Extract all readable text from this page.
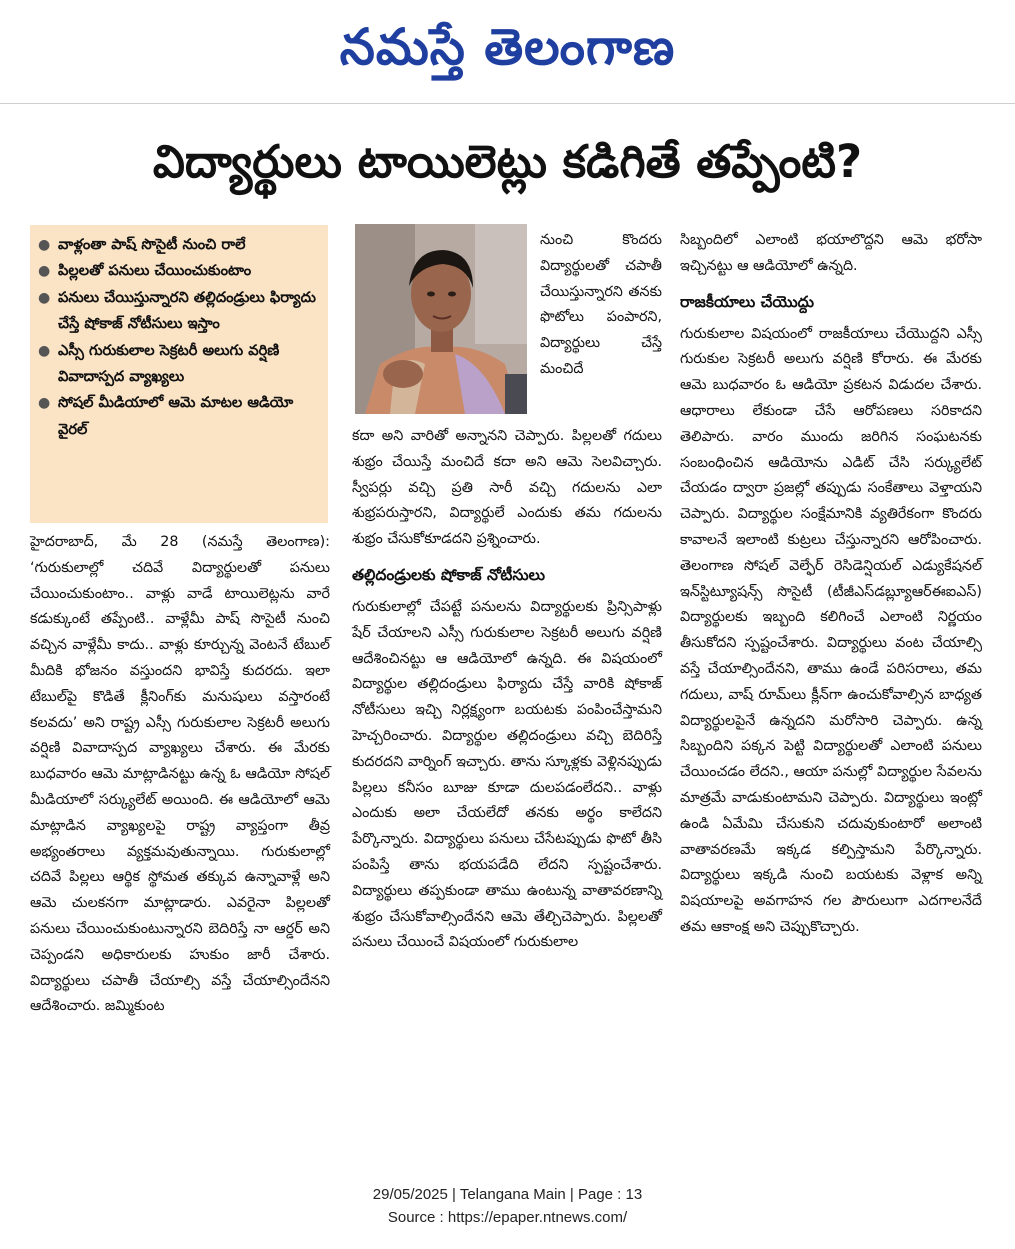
నమస్తే తెలంగాణ
విద్యార్థులు టాయిలెట్లు కడిగితే తప్పేంటి?
● వాళ్లంతా పాష్ సొసైటీ నుంచి రాలే
● పిల్లలతో పనులు చేయించుకుంటాం
● పనులు చేయిస్తున్నారని తల్లిదండ్రులు ఫిర్యాదు చేస్తే షోకాజ్ నోటీసులు ఇస్తాం
● ఎస్సీ గురుకులాల సెక్రటరీ అలుగు వర్షిణి వివాదాస్పద వ్యాఖ్యలు
● సోషల్ మీడియాలో ఆమె మాటల ఆడియో వైరల్

నుంచి కొందరు విద్యార్థులతో చపాతీ చేయిస్తున్నారని తనకు ఫొటోలు పంపారని, విద్యార్థులు చేస్తే మంచిదే

హైదరాబాద్, మే 28 (నమస్తే తెలంగాణ): ‘గురుకులాల్లో చదివే విద్యార్థులతో పనులు చేయించుకుంటాం.. వాళ్లు వాడే టాయిలెట్లను వారే కడుక్కుంటే తప్పేంటి.. వాళ్లేమీ పాష్ సొసైటీ నుంచి వచ్చిన వాళ్లేమీ కాదు.. వాళ్లు కూర్చున్న వెంటనే టేబుల్ మీదికి భోజనం వస్తుందని భావిస్తే కుదరదు. ఇలా టేబుల్‌పై కొడితే క్లీనింగ్‌కు మనుషులు వస్తారంటే కలవదు’ అని రాష్ట్ర ఎస్సీ గురుకులాల సెక్రటరీ అలుగు వర్షిణి వివాదాస్పద వ్యాఖ్యలు చేశారు. ఈ మేరకు బుధవారం ఆమె మాట్లాడినట్టు ఉన్న ఓ ఆడియో సోషల్ మీడియాలో సర్క్యులేట్ అయింది. ఈ ఆడియోలో ఆమె మాట్లాడిన వ్యాఖ్యలపై రాష్ట్ర వ్యాప్తంగా తీవ్ర అభ్యంతరాలు వ్యక్తమవుతున్నాయి. గురుకులాల్లో చదివే పిల్లలు ఆర్థిక స్థోమత తక్కువ ఉన్నావాళ్లే అని ఆమె చులకనగా మాట్లాడారు. ఎవరైనా పిల్లలతో పనులు చేయించుకుంటున్నారని బెదిరిస్తే నా ఆర్డర్ అని చెప్పండని అధికారులకు హుకుం జారీ చేశారు. విద్యార్థులు చపాతీ చేయాల్సి వస్తే చేయాల్సిందేనని ఆదేశించారు. జమ్మికుంట

కదా అని వారితో అన్నానని చెప్పారు. పిల్లలతో గదులు శుభ్రం చేయిస్తే మంచిదే కదా అని ఆమె సెలవిచ్చారు. స్వీపర్లు వచ్చి ప్రతి సారీ వచ్చి గదులను ఎలా శుభ్రపరుస్తారని, విద్యార్థులే ఎందుకు తమ గదులను శుభ్రం చేసుకోకూడదని ప్రశ్నించారు.

తల్లిదండ్రులకు షోకాజ్ నోటీసులు

గురుకులాల్లో చేపట్టే పనులను విద్యార్థులకు ప్రిన్సిపాళ్లు షేర్ చేయాలని ఎస్సీ గురుకులాల సెక్రటరీ అలుగు వర్షిణి ఆదేశించినట్టు ఆ ఆడియోలో ఉన్నది. ఈ విషయంలో విద్యార్థుల తల్లిదండ్రులు ఫిర్యాదు చేస్తే వారికి షోకాజ్ నోటీసులు ఇచ్చి నిర్లక్ష్యంగా బయటకు పంపించేస్తామని హెచ్చరించారు. విద్యార్థుల తల్లిదండ్రులు వచ్చి బెదిరిస్తే కుదరదని వార్నింగ్ ఇచ్చారు. తాను స్కూళ్లకు వెళ్లినప్పుడు పిల్లలు కనీసం బూజు కూడా దులపడంలేదని.. వాళ్లు ఎందుకు అలా చేయలేదో తనకు అర్థం కాలేదని పేర్కొన్నారు. విద్యార్థులు పనులు చేసేటప్పుడు ఫొటో తీసి పంపిస్తే తాను భయపడేది లేదని స్పష్టంచేశారు. విద్యార్థులు తప్పకుండా తాము ఉంటున్న వాతావరణాన్ని శుభ్రం చేసుకోవాల్సిందేనని ఆమె తేల్చిచెప్పారు. పిల్లలతో పనులు చేయించే విషయంలో గురుకులాల

సిబ్బందిలో ఎలాంటి భయాలొద్దని ఆమె భరోసా ఇచ్చినట్టు ఆ ఆడియోలో ఉన్నది.

రాజకీయాలు చేయొద్దు

గురుకులాల విషయంలో రాజకీయాలు చేయొద్దని ఎస్సీ గురుకుల సెక్రటరీ అలుగు వర్షిణి కోరారు. ఈ మేరకు ఆమె బుధవారం ఓ ఆడియో ప్రకటన విడుదల చేశారు. ఆధారాలు లేకుండా చేసే ఆరోపణలు సరికాదని తెలిపారు. వారం ముందు జరిగిన సంఘటనకు సంబంధించిన ఆడియోను ఎడిట్ చేసి సర్క్యులేట్ చేయడం ద్వారా ప్రజల్లో తప్పుడు సంకేతాలు వెళ్తాయని చెప్పారు. విద్యార్థుల సంక్షేమానికి వ్యతిరేకంగా కొందరు కావాలనే ఇలాంటి కుట్రలు చేస్తున్నారని ఆరోపించారు. తెలంగాణ సోషల్ వెల్ఫేర్ రెసిడెన్షియల్ ఎడ్యుకేషనల్ ఇన్‌స్టిట్యూషన్స్ సొసైటీ (టీజీఎస్‌డబ్ల్యూఆర్ఈఐఎస్) విద్యార్థులకు ఇబ్బంది కలిగించే ఎలాంటి నిర్ణయం తీసుకోదని స్పష్టంచేశారు. విద్యార్థులు వంట చేయాల్సి వస్తే చేయాల్సిందేనని, తాము ఉండే పరిసరాలు, తమ గదులు, వాష్ రూమ్‌లు క్లీన్‌గా ఉంచుకోవాల్సిన బాధ్యత విద్యార్థులపైనే ఉన్నదని మరోసారి చెప్పారు. ఉన్న సిబ్బందిని పక్కన పెట్టి విద్యార్థులతో ఎలాంటి పనులు చేయించడం లేదని., ఆయా పనుల్లో విద్యార్థుల సేవలను మాత్రమే వాడుకుంటామని చెప్పారు. విద్యార్థులు ఇంట్లో ఉండి ఏమేమి చేసుకుని చదువుకుంటారో అలాంటి వాతావరణమే ఇక్కడ కల్పిస్తామని పేర్కొన్నారు. విద్యార్థులు ఇక్కడి నుంచి బయటకు వెళ్లాక అన్ని విషయాలపై అవగాహన గల పౌరులుగా ఎదగాలనేదే తమ ఆకాంక్ష అని చెప్పుకొచ్చారు.

29/05/2025 | Telangana Main | Page : 13
Source : https://epaper.ntnews.com/
